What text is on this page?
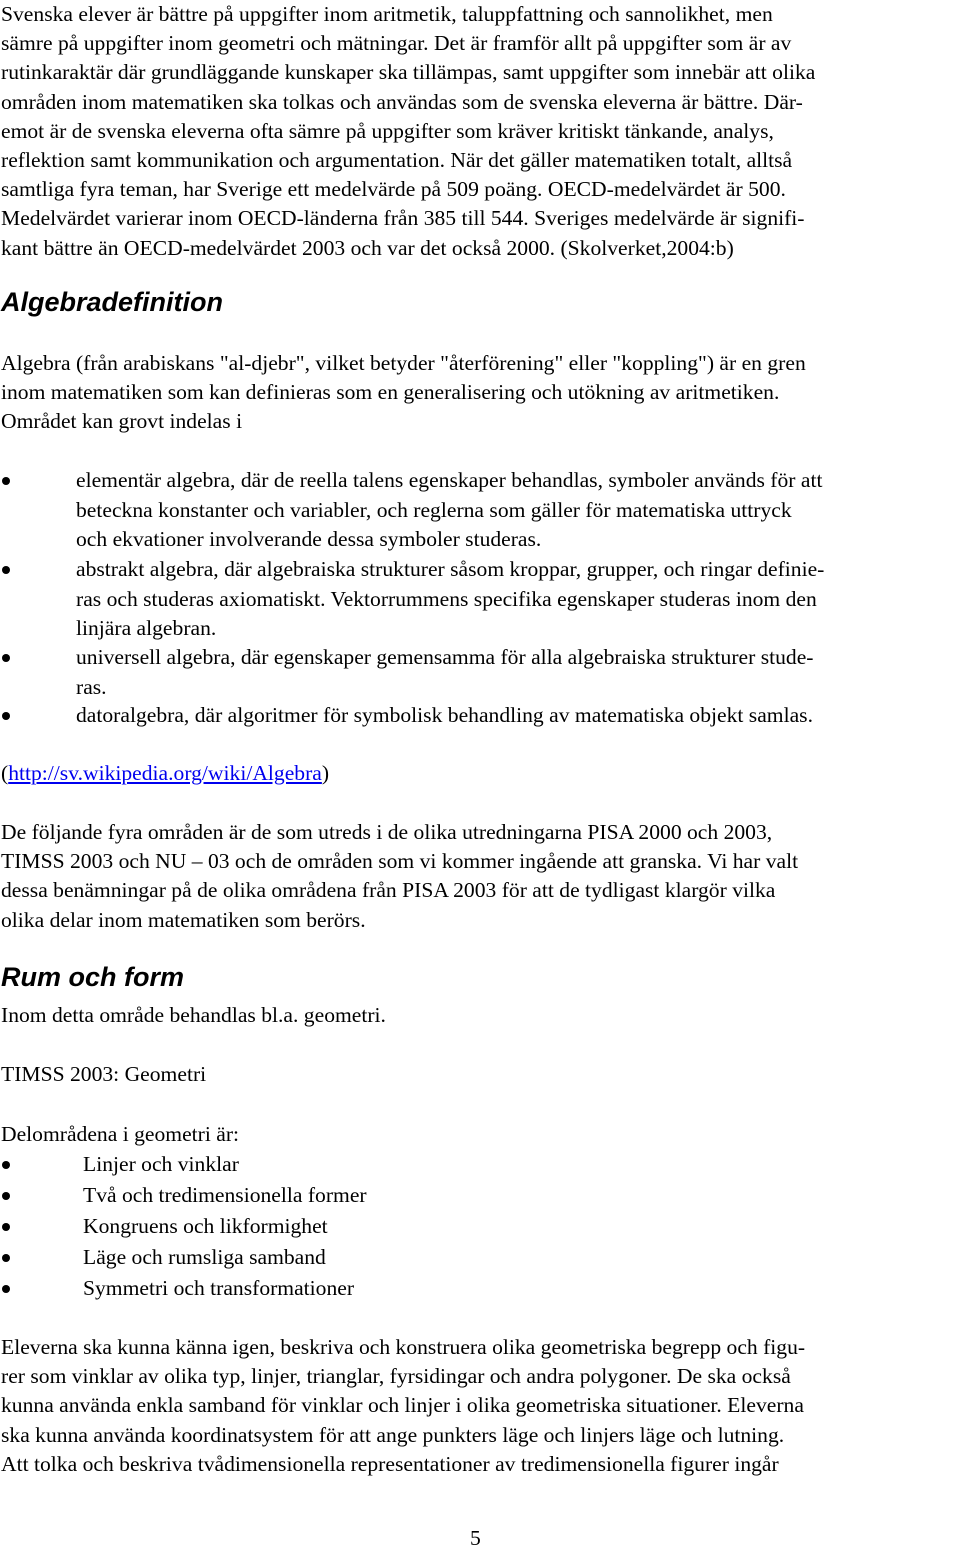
Svenska elever är bättre på uppgifter inom aritmetik, taluppfattning och sannolikhet, men
sämre på uppgifter inom geometri och mätningar. Det är framför allt på uppgifter som är av
rutinkaraktär där grundläggande kunskaper ska tillämpas, samt uppgifter som innebär att olika
områden inom matematiken ska tolkas och användas som de svenska eleverna är bättre. Där-
emot är de svenska eleverna ofta sämre på uppgifter som kräver kritiskt tänkande, analys,
reflektion samt kommunikation och argumentation. När det gäller matematiken totalt, alltså
samtliga fyra teman, har Sverige ett medelvärde på 509 poäng. OECD-medelvärdet är 500.
Medelvärdet varierar inom OECD-länderna från 385 till 544. Sveriges medelvärde är signifi-
kant bättre än OECD-medelvärdet 2003 och var det också 2000. (Skolverket,2004:b)
Algebradefinition
Algebra (från arabiskans "al-djebr", vilket betyder "återförening" eller "koppling") är en gren
inom matematiken som kan definieras som en generalisering och utökning av aritmetiken.
Området kan grovt indelas i
elementär algebra, där de reella talens egenskaper behandlas, symboler används för att
beteckna konstanter och variabler, och reglerna som gäller för matematiska uttryck
och ekvationer involverande dessa symboler studeras.
abstrakt algebra, där algebraiska strukturer såsom kroppar, grupper, och ringar definie-
ras och studeras axiomatiskt. Vektorrummens specifika egenskaper studeras inom den
linjära algebran.
universell algebra, där egenskaper gemensamma för alla algebraiska strukturer stude-
ras.
datoralgebra, där algoritmer för symbolisk behandling av matematiska objekt samlas.
(http://sv.wikipedia.org/wiki/Algebra)
De följande fyra områden är de som utreds i de olika utredningarna PISA 2000 och 2003,
TIMSS 2003 och NU – 03 och de områden som vi kommer ingående att granska. Vi har valt
dessa benämningar på de olika områdena från PISA 2003 för att de tydligast klargör vilka
olika delar inom matematiken som berörs.
Rum och form
Inom detta område behandlas bl.a. geometri.
TIMSS 2003: Geometri
Delområdena i geometri är:
Linjer och vinklar
Två och tredimensionella former
Kongruens och likformighet
Läge och rumsliga samband
Symmetri och transformationer
Eleverna ska kunna känna igen, beskriva och konstruera olika geometriska begrepp och figu-
rer som vinklar av olika typ, linjer, trianglar, fyrsidingar och andra polygoner. De ska också
kunna använda enkla samband för vinklar och linjer i olika geometriska situationer. Eleverna
ska kunna använda koordinatsystem för att ange punkters läge och linjers läge och lutning.
Att tolka och beskriva tvådimensionella representationer av tredimensionella figurer ingår
5
